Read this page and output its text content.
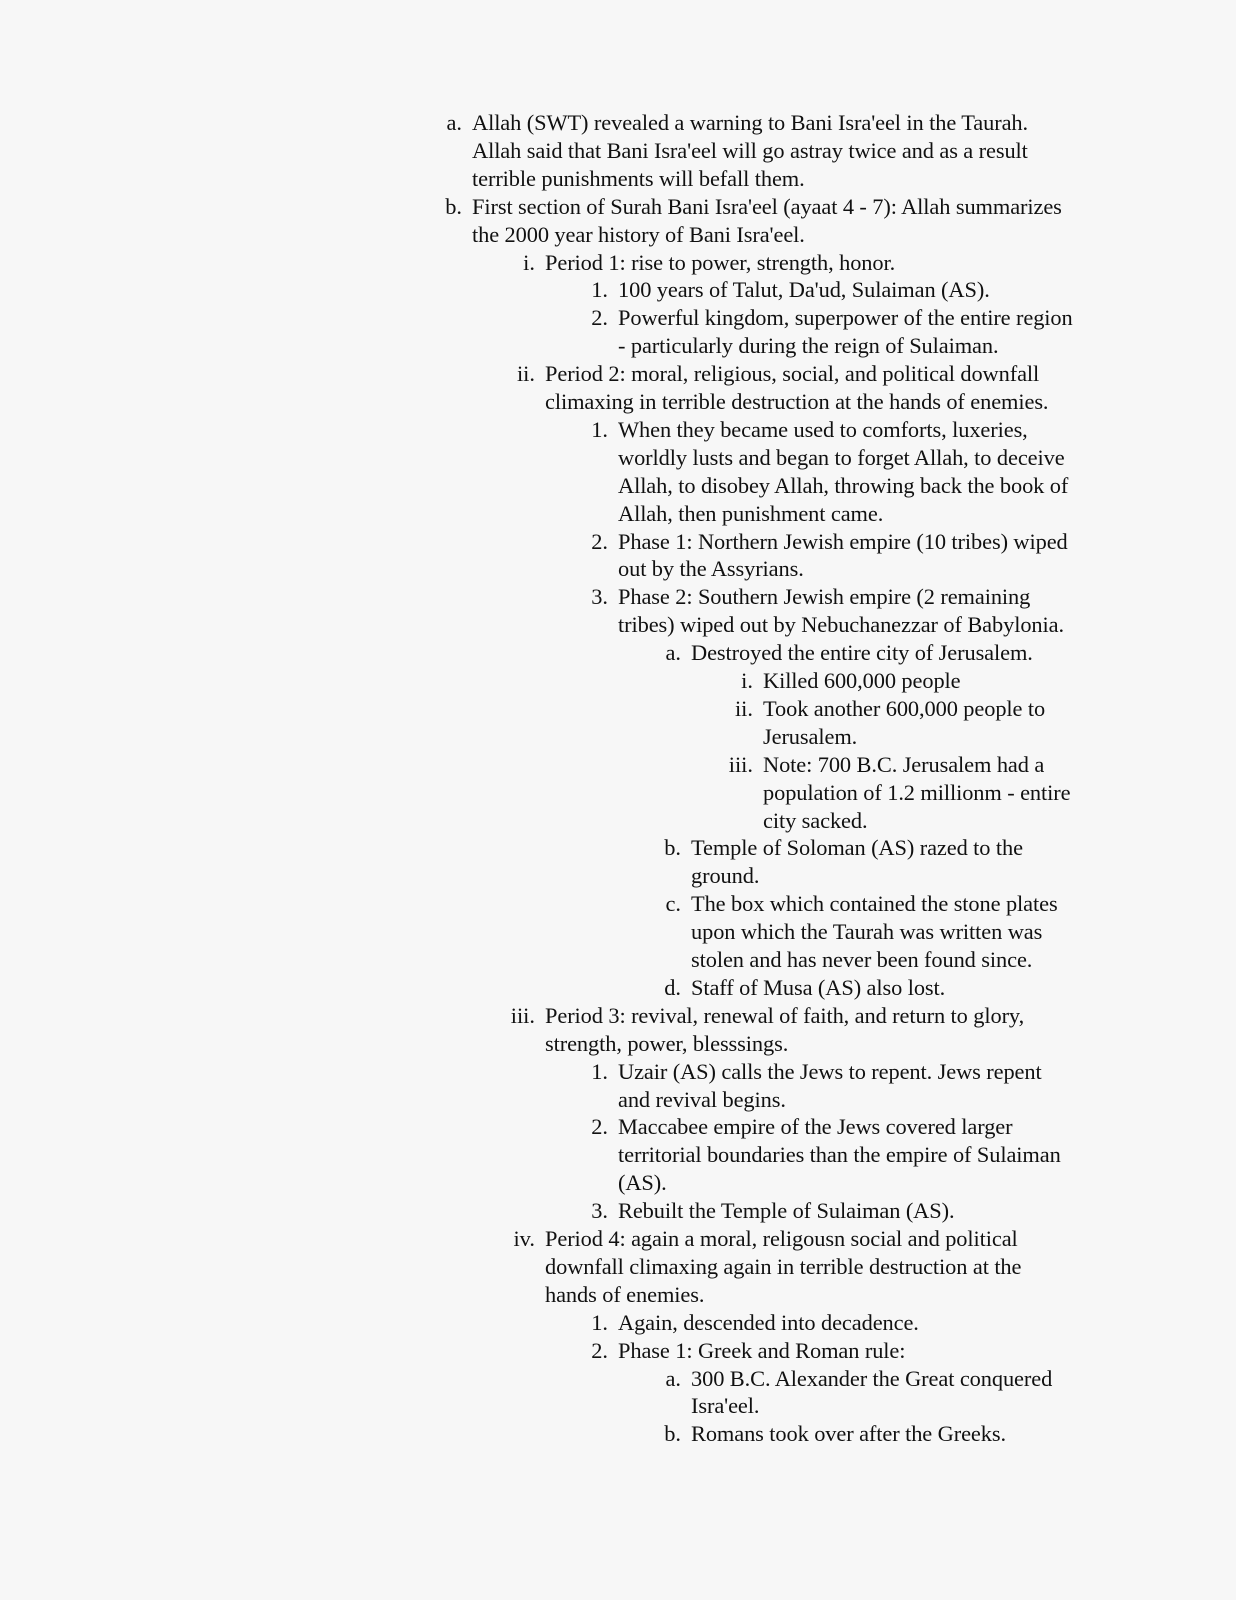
a. Allah (SWT) revealed a warning to Bani Isra'eel in the Taurah.
Allah said that Bani Isra'eel will go astray twice and as a result
terrible punishments will befall them.
b. First section of Surah Bani Isra'eel (ayaat 4 - 7): Allah summarizes
the 2000 year history of Bani Isra'eel.
i. Period 1: rise to power, strength, honor.
1. 100 years of Talut, Da'ud, Sulaiman (AS).
2. Powerful kingdom, superpower of the entire region
- particularly during the reign of Sulaiman.
ii. Period 2: moral, religious, social, and political downfall
climaxing in terrible destruction at the hands of enemies.
1. When they became used to comforts, luxeries,
worldly lusts and began to forget Allah, to deceive
Allah, to disobey Allah, throwing back the book of
Allah, then punishment came.
2. Phase 1: Northern Jewish empire (10 tribes) wiped
out by the Assyrians.
3. Phase 2: Southern Jewish empire (2 remaining
tribes) wiped out by Nebuchanezzar of Babylonia.
a. Destroyed the entire city of Jerusalem.
i. Killed 600,000 people
ii. Took another 600,000 people to
Jerusalem.
iii. Note: 700 B.C. Jerusalem had a
population of 1.2 millionm - entire
city sacked.
b. Temple of Soloman (AS) razed to the
ground.
c. The box which contained the stone plates
upon which the Taurah was written was
stolen and has never been found since.
d. Staff of Musa (AS) also lost.
iii. Period 3: revival, renewal of faith, and return to glory,
strength, power, blesssings.
1. Uzair (AS) calls the Jews to repent. Jews repent
and revival begins.
2. Maccabee empire of the Jews covered larger
territorial boundaries than the empire of Sulaiman
(AS).
3. Rebuilt the Temple of Sulaiman (AS).
iv. Period 4: again a moral, religousn social and political
downfall climaxing again in terrible destruction at the
hands of enemies.
1. Again, descended into decadence.
2. Phase 1: Greek and Roman rule:
a. 300 B.C. Alexander the Great conquered
Isra'eel.
b. Romans took over after the Greeks.
